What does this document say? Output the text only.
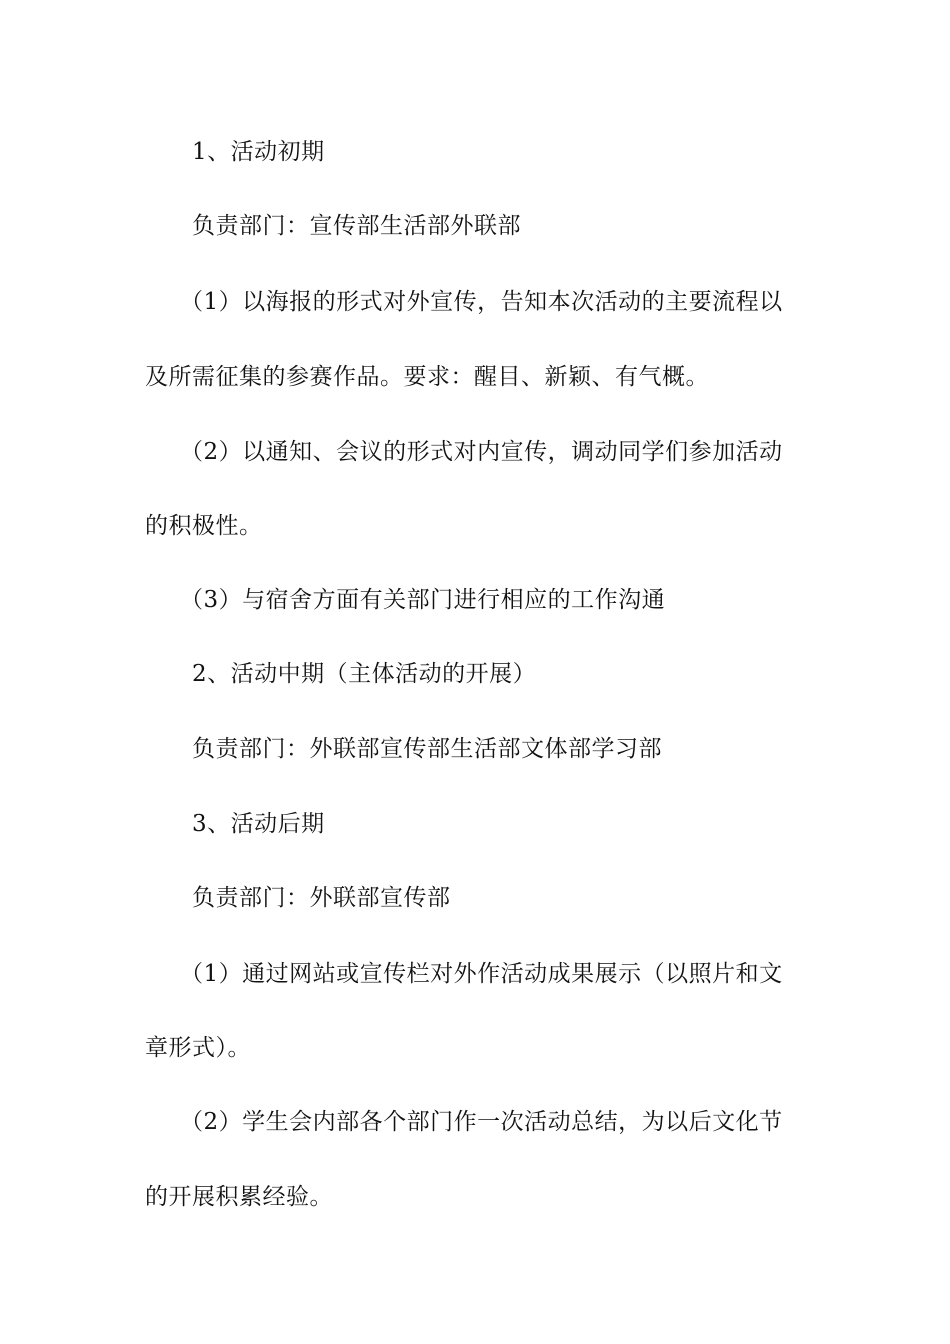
1、活动初期

负责部门：宣传部生活部外联部

（1）以海报的形式对外宣传，告知本次活动的主要流程以

及所需征集的参赛作品。要求：醒目、新颖、有气概。

（2）以通知、会议的形式对内宣传，调动同学们参加活动

的积极性。

（3）与宿舍方面有关部门进行相应的工作沟通

2、活动中期（主体活动的开展）

负责部门：外联部宣传部生活部文体部学习部

3、活动后期

负责部门：外联部宣传部

（1）通过网站或宣传栏对外作活动成果展示（以照片和文

章形式）。

（2）学生会内部各个部门作一次活动总结，为以后文化节

的开展积累经验。
